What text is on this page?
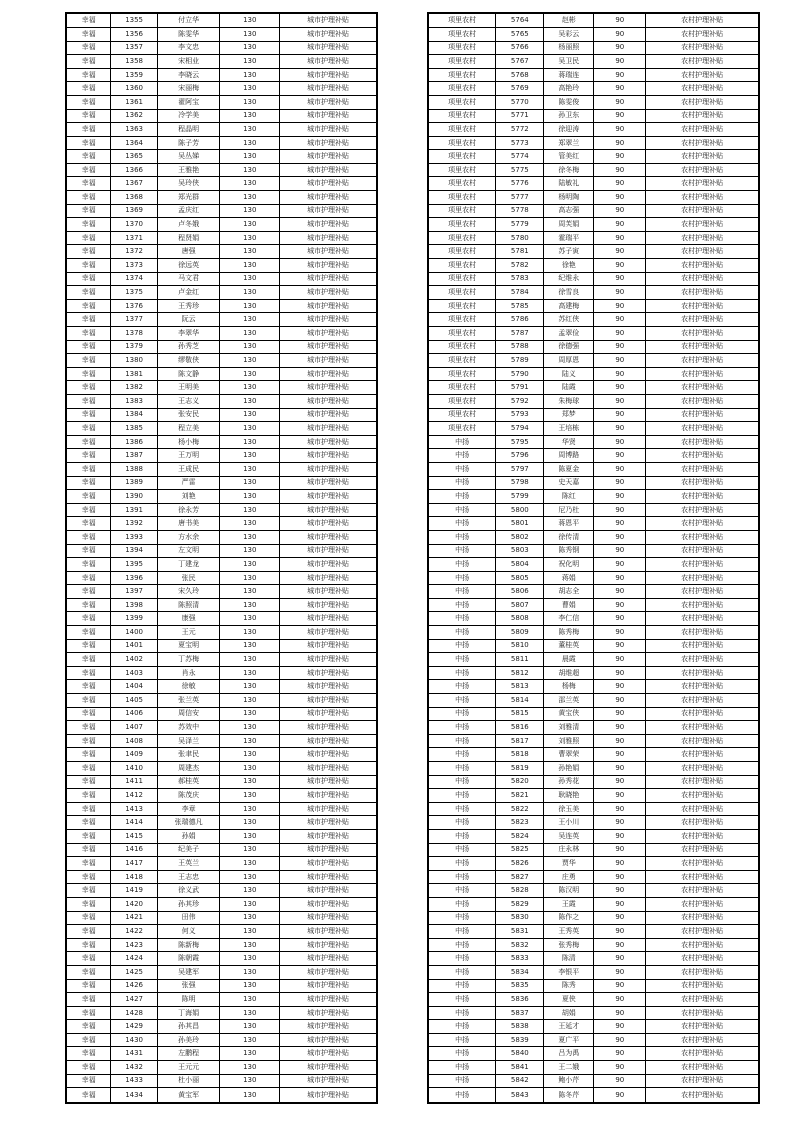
幸福	1355	付立华	130	城市护理补贴
幸福	1356	陈雯华	130	城市护理补贴
幸福	1357	李文忠	130	城市护理补贴
幸福	1358	宋相业	130	城市护理补贴
幸福	1359	李晓云	130	城市护理补贴
幸福	1360	宋丽梅	130	城市护理补贴
幸福	1361	翟阿宝	130	城市护理补贴
幸福	1362	冷学美	130	城市护理补贴
幸福	1363	程晶明	130	城市护理补贴
幸福	1364	陈子芳	130	城市护理补贴
幸福	1365	吴丛娣	130	城市护理补贴
幸福	1366	王雅艳	130	城市护理补贴
幸福	1367	吴玲侠	130	城市护理补贴
幸福	1368	郑光群	130	城市护理补贴
幸福	1369	孟庆红	130	城市护理补贴
幸福	1370	卢冬娥	130	城市护理补贴
幸福	1371	程贤娟	130	城市护理补贴
幸福	1372	唐强	130	城市护理补贴
幸福	1373	徐远英	130	城市护理补贴
幸福	1374	马文君	130	城市护理补贴
幸福	1375	卢金红	130	城市护理补贴
幸福	1376	王秀珍	130	城市护理补贴
幸福	1377	阮云	130	城市护理补贴
幸福	1378	李翠华	130	城市护理补贴
幸福	1379	孙秀芝	130	城市护理补贴
幸福	1380	缪敬侠	130	城市护理补贴
幸福	1381	陈文静	130	城市护理补贴
幸福	1382	王明美	130	城市护理补贴
幸福	1383	王志义	130	城市护理补贴
幸福	1384	张安民	130	城市护理补贴
幸福	1385	程立美	130	城市护理补贴
幸福	1386	杨小梅	130	城市护理补贴
幸福	1387	王万明	130	城市护理补贴
幸福	1388	王成民	130	城市护理补贴
幸福	1389	严雷	130	城市护理补贴
幸福	1390	刘艳	130	城市护理补贴
幸福	1391	徐永芳	130	城市护理补贴
幸福	1392	唐书美	130	城市护理补贴
幸福	1393	方水余	130	城市护理补贴
幸福	1394	左文明	130	城市护理补贴
幸福	1395	丁建龙	130	城市护理补贴
幸福	1396	张民	130	城市护理补贴
幸福	1397	宋久玲	130	城市护理补贴
幸福	1398	陈照清	130	城市护理补贴
幸福	1399	康强	130	城市护理补贴
幸福	1400	王元	130	城市护理补贴
幸福	1401	夏宝明	130	城市护理补贴
幸福	1402	丁苏梅	130	城市护理补贴
幸福	1403	肖永	130	城市护理补贴
幸福	1404	徐敏	130	城市护理补贴
幸福	1405	张兰英	130	城市护理补贴
幸福	1406	周信安	130	城市护理补贴
幸福	1407	苏效中	130	城市护理补贴
幸福	1408	吴泽兰	130	城市护理补贴
幸福	1409	张聿民	130	城市护理补贴
幸福	1410	周建杰	130	城市护理补贴
幸福	1411	郝桂英	130	城市护理补贴
幸福	1412	陈茂庆	130	城市护理补贴
幸福	1413	李章	130	城市护理补贴
幸福	1414	张瑞德凡	130	城市护理补贴
幸福	1415	孙娟	130	城市护理补贴
幸福	1416	纪美子	130	城市护理补贴
幸福	1417	王英兰	130	城市护理补贴
幸福	1418	王志忠	130	城市护理补贴
幸福	1419	徐义武	130	城市护理补贴
幸福	1420	孙其珍	130	城市护理补贴
幸福	1421	田伟	130	城市护理补贴
幸福	1422	何义	130	城市护理补贴
幸福	1423	陈新梅	130	城市护理补贴
幸福	1424	陈朝霞	130	城市护理补贴
幸福	1425	吴建军	130	城市护理补贴
幸福	1426	张强	130	城市护理补贴
幸福	1427	陈明	130	城市护理补贴
幸福	1428	丁海娟	130	城市护理补贴
幸福	1429	孙其昌	130	城市护理补贴
幸福	1430	孙美玲	130	城市护理补贴
幸福	1431	左鹏程	130	城市护理补贴
幸福	1432	王元元	130	城市护理补贴
幸福	1433	杜小丽	130	城市护理补贴
幸福	1434	黄宝军	130	城市护理补贴
项里农村	5764	赵彬	90	农村护理补贴
项里农村	5765	吴彩云	90	农村护理补贴
项里农村	5766	杨丽照	90	农村护理补贴
项里农村	5767	吴卫民	90	农村护理补贴
项里农村	5768	蒋瑞连	90	农村护理补贴
项里农村	5769	高艳玲	90	农村护理补贴
项里农村	5770	陈雯俊	90	农村护理补贴
项里农村	5771	孙卫东	90	农村护理补贴
项里农村	5772	徐迎涛	90	农村护理补贴
项里农村	5773	郑翠兰	90	农村护理补贴
项里农村	5774	管美红	90	农村护理补贴
项里农村	5775	徐冬梅	90	农村护理补贴
项里农村	5776	陆敏礼	90	农村护理补贴
项里农村	5777	杨明陶	90	农村护理补贴
项里农村	5778	高志强	90	农村护理补贴
项里农村	5779	周芙娟	90	农村护理补贴
项里农村	5780	霍瑞平	90	农村护理补贴
项里农村	5781	苏子寅	90	农村护理补贴
项里农村	5782	徐艳	90	农村护理补贴
项里农村	5783	纪维永	90	农村护理补贴
项里农村	5784	徐雪良	90	农村护理补贴
项里农村	5785	高建梅	90	农村护理补贴
项里农村	5786	苏红侠	90	农村护理补贴
项里农村	5787	孟翠俭	90	农村护理补贴
项里农村	5788	徐德强	90	农村护理补贴
项里农村	5789	周厚恩	90	农村护理补贴
项里农村	5790	陆义	90	农村护理补贴
项里农村	5791	陆霞	90	农村护理补贴
项里农村	5792	朱梅球	90	农村护理补贴
项里农村	5793	郑梦	90	农村护理补贴
项里农村	5794	王培栋	90	农村护理补贴
中扬	5795	华贤	90	农村护理补贴
中扬	5796	周博路	90	农村护理补贴
中扬	5797	陈夏金	90	农村护理补贴
中扬	5798	史天嘉	90	农村护理补贴
中扬	5799	陈红	90	农村护理补贴
中扬	5800	尼乃杜	90	农村护理补贴
中扬	5801	蒋恩平	90	农村护理补贴
中扬	5802	徐传清	90	农村护理补贴
中扬	5803	陈秀钢	90	农村护理补贴
中扬	5804	祝化明	90	农村护理补贴
中扬	5805	蒋娟	90	农村护理补贴
中扬	5806	胡志全	90	农村护理补贴
中扬	5807	曹娟	90	农村护理补贴
中扬	5808	李仁信	90	农村护理补贴
中扬	5809	陈秀梅	90	农村护理补贴
中扬	5810	董桂英	90	农村护理补贴
中扬	5811	晨霞	90	农村护理补贴
中扬	5812	胡维超	90	农村护理补贴
中扬	5813	杨梅	90	农村护理补贴
中扬	5814	邵兰英	90	农村护理补贴
中扬	5815	黄宝侠	90	农村护理补贴
中扬	5816	刘雅清	90	农村护理补贴
中扬	5817	刘雅照	90	农村护理补贴
中扬	5818	曹翠荣	90	农村护理补贴
中扬	5819	孙艳娟	90	农村护理补贴
中扬	5820	孙秀花	90	农村护理补贴
中扬	5821	耿晓艳	90	农村护理补贴
中扬	5822	徐玉美	90	农村护理补贴
中扬	5823	王小川	90	农村护理补贴
中扬	5824	吴连英	90	农村护理补贴
中扬	5825	庄永林	90	农村护理补贴
中扬	5826	贾华	90	农村护理补贴
中扬	5827	庄勇	90	农村护理补贴
中扬	5828	陈汉明	90	农村护理补贴
中扬	5829	王霞	90	农村护理补贴
中扬	5830	陈作之	90	农村护理补贴
中扬	5831	王秀英	90	农村护理补贴
中扬	5832	张秀梅	90	农村护理补贴
中扬	5833	陈清	90	农村护理补贴
中扬	5834	李银平	90	农村护理补贴
中扬	5835	陈秀	90	农村护理补贴
中扬	5836	夏侠	90	农村护理补贴
中扬	5837	胡娟	90	农村护理补贴
中扬	5838	王延才	90	农村护理补贴
中扬	5839	夏广平	90	农村护理补贴
中扬	5840	吕为禹	90	农村护理补贴
中扬	5841	王二娥	90	农村护理补贴
中扬	5842	鲍小芹	90	农村护理补贴
中扬	5843	陈冬芹	90	农村护理补贴
